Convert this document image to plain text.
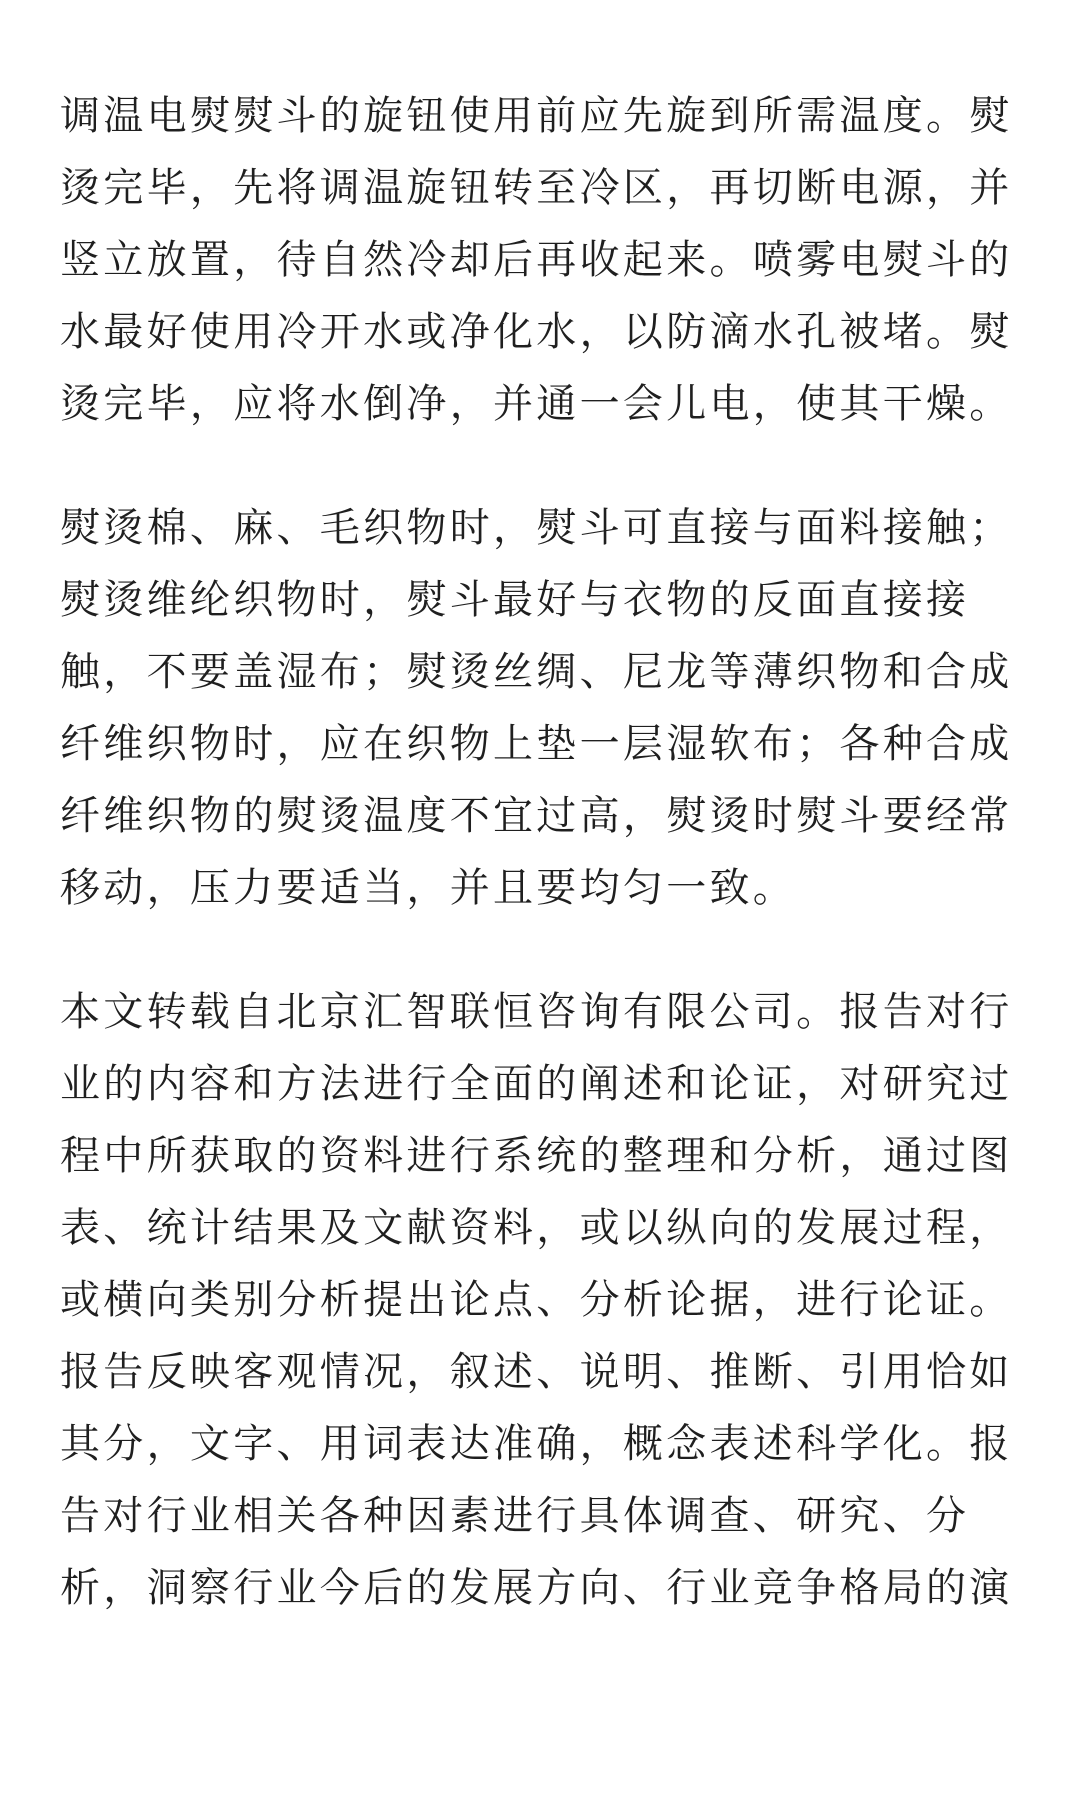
调温电熨熨斗的旋钮使用前应先旋到所需温度。熨
烫完毕，先将调温旋钮转至冷区，再切断电源，并
竖立放置，待自然冷却后再收起来。喷雾电熨斗的
水最好使用冷开水或净化水，以防滴水孔被堵。熨
烫完毕，应将水倒净，并通一会儿电，使其干燥。
熨烫棉、麻、毛织物时，熨斗可直接与面料接触；
熨烫维纶织物时，熨斗最好与衣物的反面直接接
触，不要盖湿布；熨烫丝绸、尼龙等薄织物和合成
纤维织物时，应在织物上垫一层湿软布；各种合成
纤维织物的熨烫温度不宜过高，熨烫时熨斗要经常
移动，压力要适当，并且要均匀一致。
本文转载自北京汇智联恒咨询有限公司。报告对行
业的内容和方法进行全面的阐述和论证，对研究过
程中所获取的资料进行系统的整理和分析，通过图
表、统计结果及文献资料，或以纵向的发展过程，
或横向类别分析提出论点、分析论据，进行论证。
报告反映客观情况，叙述、说明、推断、引用恰如
其分，文字、用词表达准确，概念表述科学化。报
告对行业相关各种因素进行具体调查、研究、分
析，洞察行业今后的发展方向、行业竞争格局的演
